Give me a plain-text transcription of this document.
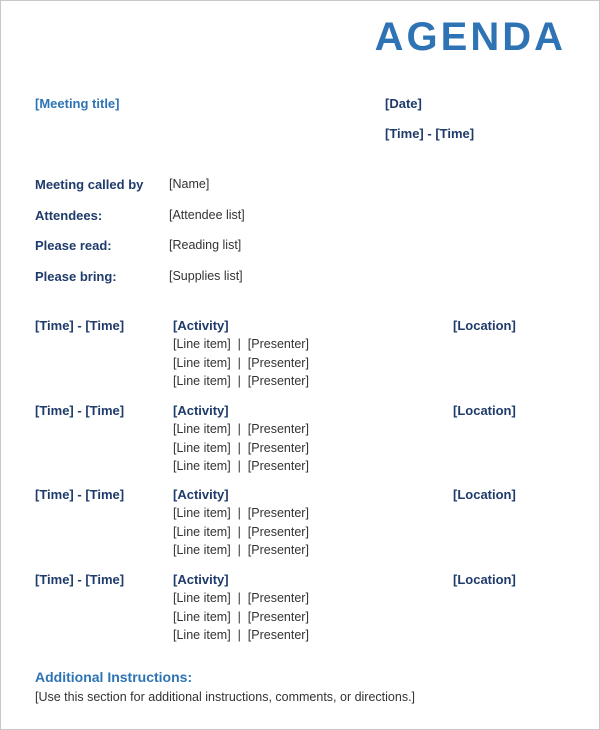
AGENDA
[Meeting title]	[Date]
[Time] - [Time]
Meeting called by [Name]
Attendees:	[Attendee list]
Please read:	[Reading list]
Please bring:	[Supplies list]
[Time] - [Time]	[Activity]	[Location]
[Line item]  |  [Presenter]
[Line item]  |  [Presenter]
[Line item]  |  [Presenter]
[Time] - [Time]	[Activity]	[Location]
[Line item]  |  [Presenter]
[Line item]  |  [Presenter]
[Line item]  |  [Presenter]
[Time] - [Time]	[Activity]	[Location]
[Line item]  |  [Presenter]
[Line item]  |  [Presenter]
[Line item]  |  [Presenter]
[Time] - [Time]	[Activity]	[Location]
[Line item]  |  [Presenter]
[Line item]  |  [Presenter]
[Line item]  |  [Presenter]
Additional Instructions:
[Use this section for additional instructions, comments, or directions.]
